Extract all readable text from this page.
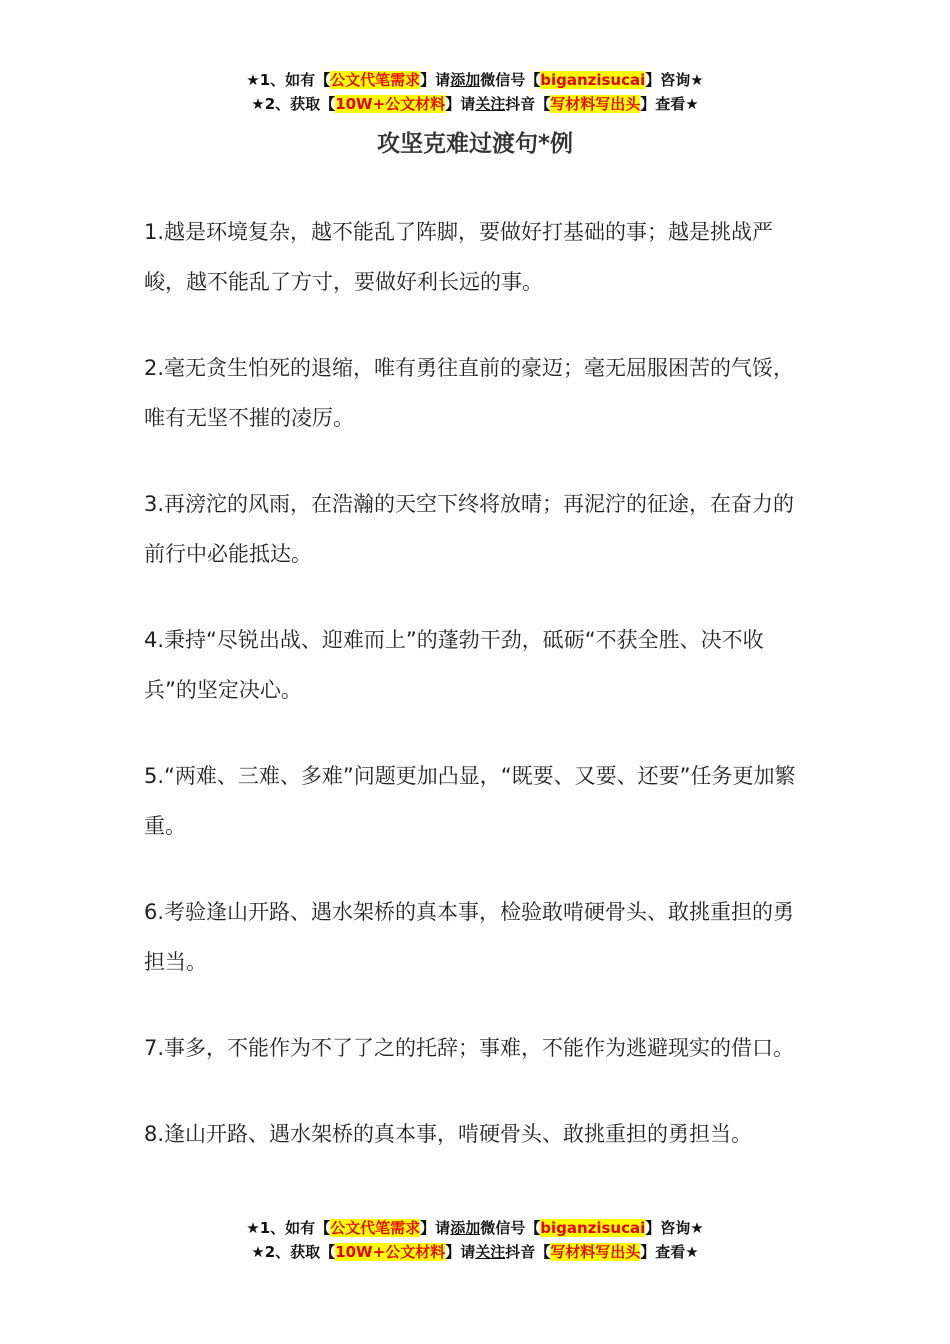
★1、如有【公文代笔需求】请添加微信号【biganzisucai】咨询★
★2、获取【10W+公文材料】请关注抖音【写材料写出头】查看★
攻坚克难过渡句*例

1.越是环境复杂，越不能乱了阵脚，要做好打基础的事；越是挑战严峻，越不能乱了方寸，要做好利长远的事。

2.毫无贪生怕死的退缩，唯有勇往直前的豪迈；毫无屈服困苦的气馁，唯有无坚不摧的凌厉。

3.再滂沱的风雨，在浩瀚的天空下终将放晴；再泥泞的征途，在奋力的前行中必能抵达。

4.秉持“尽锐出战、迎难而上”的蓬勃干劲，砥砺“不获全胜、决不收兵”的坚定决心。

5.“两难、三难、多难”问题更加凸显，“既要、又要、还要”任务更加繁重。

6.考验逢山开路、遇水架桥的真本事，检验敢啃硬骨头、敢挑重担的勇担当。

7.事多，不能作为不了了之的托辞；事难，不能作为逃避现实的借口。

8.逢山开路、遇水架桥的真本事，啃硬骨头、敢挑重担的勇担当。

★1、如有【公文代笔需求】请添加微信号【biganzisucai】咨询★
★2、获取【10W+公文材料】请关注抖音【写材料写出头】查看★
